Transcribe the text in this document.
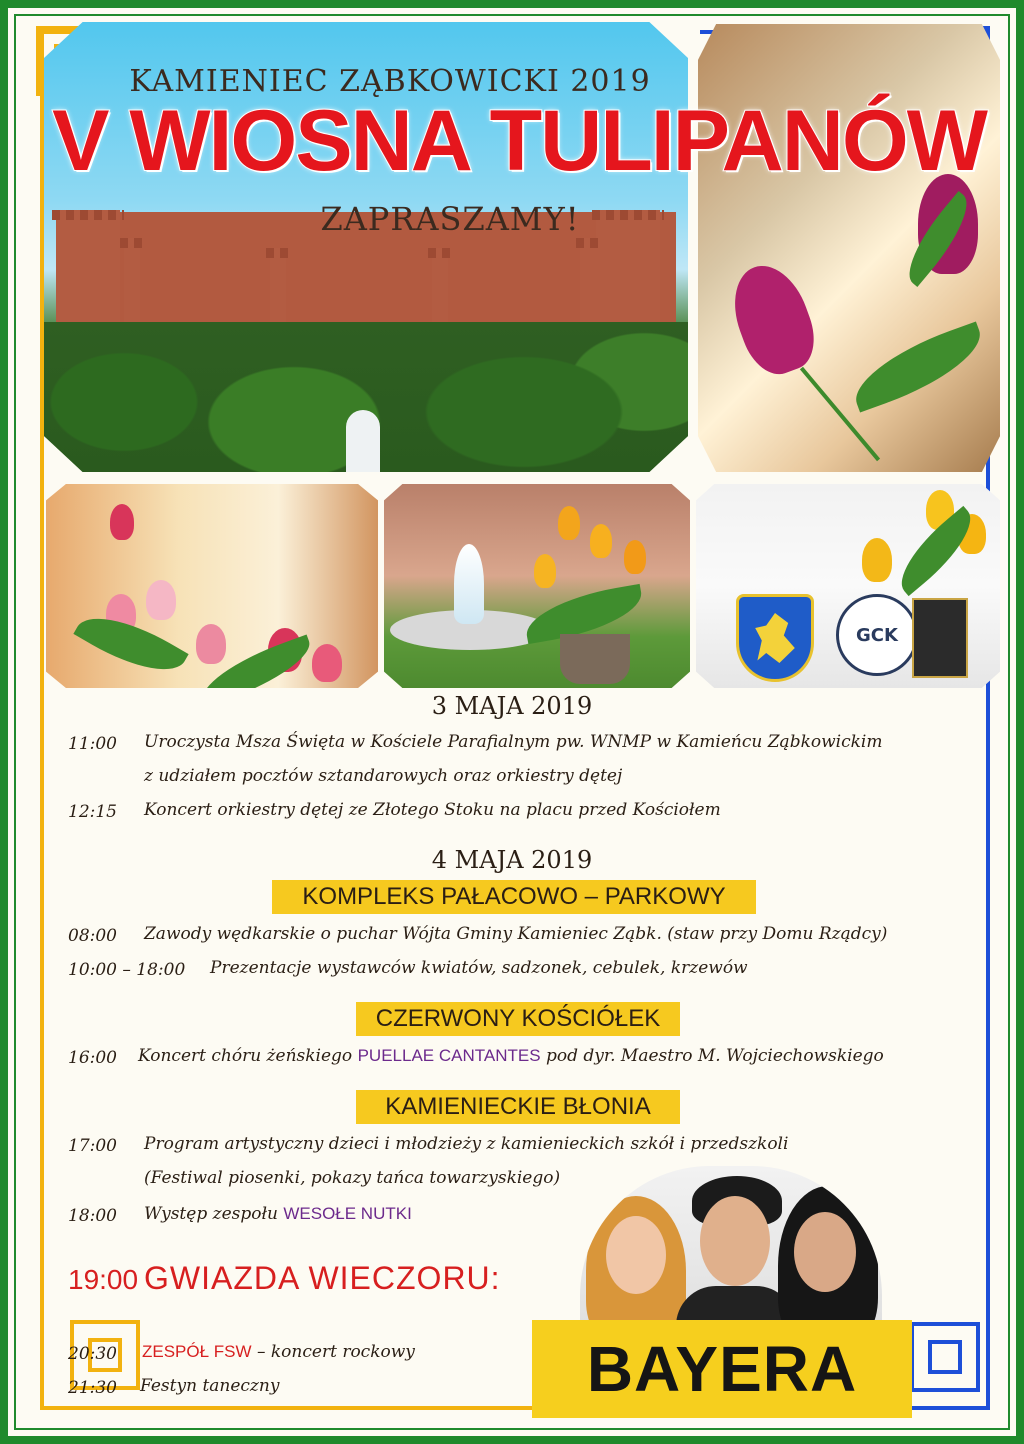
GCK
KAMIENIEC ZĄBKOWICKI 2019
V WIOSNA TULIPANÓW
ZAPRASZAMY!
3 MAJA 2019
11:00 Uroczysta Msza Święta w Kościele Parafialnym pw. WNMP w Kamieńcu Ząbkowickim
z udziałem pocztów sztandarowych oraz orkiestry dętej
12:15 Koncert orkiestry dętej ze Złotego Stoku na placu przed Kościołem
4 MAJA 2019
KOMPLEKS PAŁACOWO – PARKOWY
08:00 Zawody wędkarskie o puchar Wójta Gminy Kamieniec Ząbk. (staw przy Domu Rządcy)
10:00 – 18:00 Prezentacje wystawców kwiatów, sadzonek, cebulek, krzewów
CZERWONY KOŚCIÓŁEK
16:00 Koncert chóru żeńskiego PUELLAE CANTANTES pod dyr. Maestro M. Wojciechowskiego
KAMIENIECKIE BŁONIA
17:00 Program artystyczny dzieci i młodzieży z kamienieckich szkół i przedszkoli
(Festiwal piosenki, pokazy tańca towarzyskiego)
18:00 Występ zespołu WESOŁE NUTKI
19:00 GWIAZDA WIECZORU:
20:30 ZESPÓŁ FSW – koncert rockowy
21:30 Festyn taneczny	BAYERA
